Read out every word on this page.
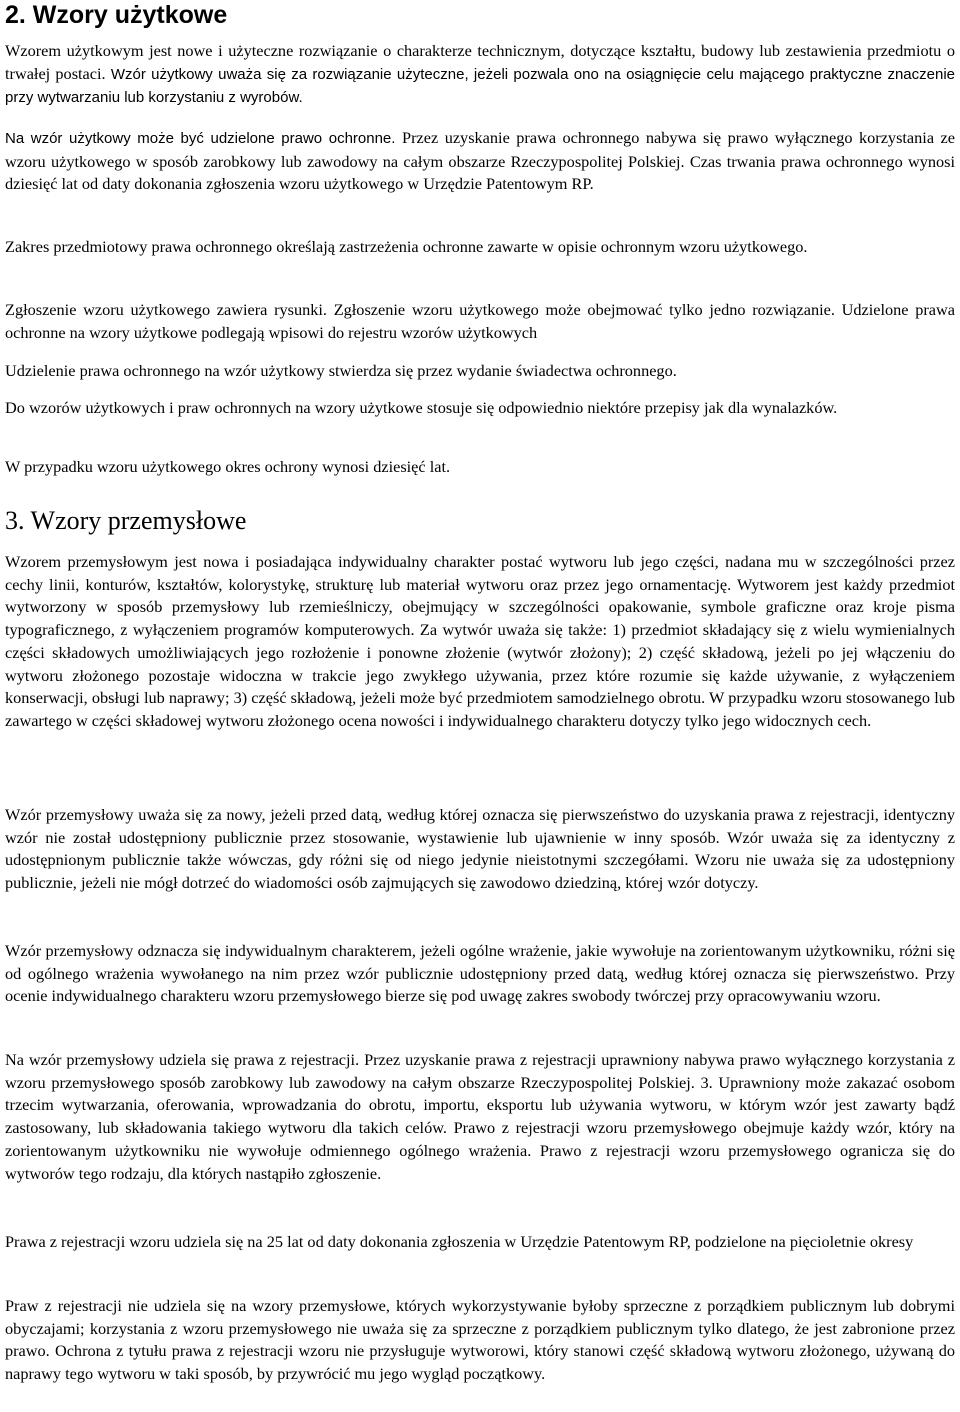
2. Wzory użytkowe

Wzorem użytkowym jest nowe i użyteczne rozwiązanie o charakterze technicznym, dotyczące kształtu, budowy lub zestawienia przedmiotu o trwałej postaci. Wzór użytkowy uważa się za rozwiązanie użyteczne, jeżeli pozwala ono na osiągnięcie celu mającego praktyczne znaczenie przy wytwarzaniu lub korzystaniu z wyrobów.

Na wzór użytkowy może być udzielone prawo ochronne. Przez uzyskanie prawa ochronnego nabywa się prawo wyłącznego korzystania ze wzoru użytkowego w sposób zarobkowy lub zawodowy na całym obszarze Rzeczypospolitej Polskiej. Czas trwania prawa ochronnego wynosi dziesięć lat od daty dokonania zgłoszenia wzoru użytkowego w Urzędzie Patentowym RP.

Zakres przedmiotowy prawa ochronnego określają zastrzeżenia ochronne zawarte w opisie ochronnym wzoru użytkowego.

Zgłoszenie wzoru użytkowego zawiera rysunki. Zgłoszenie wzoru użytkowego może obejmować tylko jedno rozwiązanie. Udzielone prawa ochronne na wzory użytkowe podlegają wpisowi do rejestru wzorów użytkowych

Udzielenie prawa ochronnego na wzór użytkowy stwierdza się przez wydanie świadectwa ochronnego.

Do wzorów użytkowych i praw ochronnych na wzory użytkowe stosuje się odpowiednio niektóre przepisy jak dla wynalazków.

W przypadku wzoru użytkowego okres ochrony wynosi dziesięć lat.

3. Wzory przemysłowe

Wzorem przemysłowym jest nowa i posiadająca indywidualny charakter postać wytworu lub jego części, nadana mu w szczególności przez cechy linii, konturów, kształtów, kolorystykę, strukturę lub materiał wytworu oraz przez jego ornamentację. Wytworem jest każdy przedmiot wytworzony w sposób przemysłowy lub rzemieślniczy, obejmujący w szczególności opakowanie, symbole graficzne oraz kroje pisma typograficznego, z wyłączeniem programów komputerowych. Za wytwór uważa się także: 1) przedmiot składający się z wielu wymienialnych części składowych umożliwiających jego rozłożenie i ponowne złożenie (wytwór złożony); 2) część składową, jeżeli po jej włączeniu do wytworu złożonego pozostaje widoczna w trakcie jego zwykłego używania, przez które rozumie się każde używanie, z wyłączeniem konserwacji, obsługi lub naprawy; 3) część składową, jeżeli może być przedmiotem samodzielnego obrotu. W przypadku wzoru stosowanego lub zawartego w części składowej wytworu złożonego ocena nowości i indywidualnego charakteru dotyczy tylko jego widocznych cech.

Wzór przemysłowy uważa się za nowy, jeżeli przed datą, według której oznacza się pierwszeństwo do uzyskania prawa z rejestracji, identyczny wzór nie został udostępniony publicznie przez stosowanie, wystawienie lub ujawnienie w inny sposób. Wzór uważa się za identyczny z udostępnionym publicznie także wówczas, gdy różni się od niego jedynie nieistotnymi szczegółami. Wzoru nie uważa się za udostępniony publicznie, jeżeli nie mógł dotrzeć do wiadomości osób zajmujących się zawodowo dziedziną, której wzór dotyczy.

Wzór przemysłowy odznacza się indywidualnym charakterem, jeżeli ogólne wrażenie, jakie wywołuje na zorientowanym użytkowniku, różni się od ogólnego wrażenia wywołanego na nim przez wzór publicznie udostępniony przed datą, według której oznacza się pierwszeństwo. Przy ocenie indywidualnego charakteru wzoru przemysłowego bierze się pod uwagę zakres swobody twórczej przy opracowywaniu wzoru.

Na wzór przemysłowy udziela się prawa z rejestracji. Przez uzyskanie prawa z rejestracji uprawniony nabywa prawo wyłącznego korzystania z wzoru przemysłowego sposób zarobkowy lub zawodowy na całym obszarze Rzeczypospolitej Polskiej. 3. Uprawniony może zakazać osobom trzecim wytwarzania, oferowania, wprowadzania do obrotu, importu, eksportu lub używania wytworu, w którym wzór jest zawarty bądź zastosowany, lub składowania takiego wytworu dla takich celów. Prawo z rejestracji wzoru przemysłowego obejmuje każdy wzór, który na zorientowanym użytkowniku nie wywołuje odmiennego ogólnego wrażenia. Prawo z rejestracji wzoru przemysłowego ogranicza się do wytworów tego rodzaju, dla których nastąpiło zgłoszenie.

Prawa z rejestracji wzoru udziela się na 25 lat od daty dokonania zgłoszenia w Urzędzie Patentowym RP, podzielone na pięcioletnie okresy

Praw z rejestracji nie udziela się na wzory przemysłowe, których wykorzystywanie byłoby sprzeczne z porządkiem publicznym lub dobrymi obyczajami; korzystania z wzoru przemysłowego nie uważa się za sprzeczne z porządkiem publicznym tylko dlatego, że jest zabronione przez prawo. Ochrona z tytułu prawa z rejestracji wzoru nie przysługuje wytworowi, który stanowi część składową wytworu złożonego, używaną do naprawy tego wytworu w taki sposób, by przywrócić mu jego wygląd początkowy.
